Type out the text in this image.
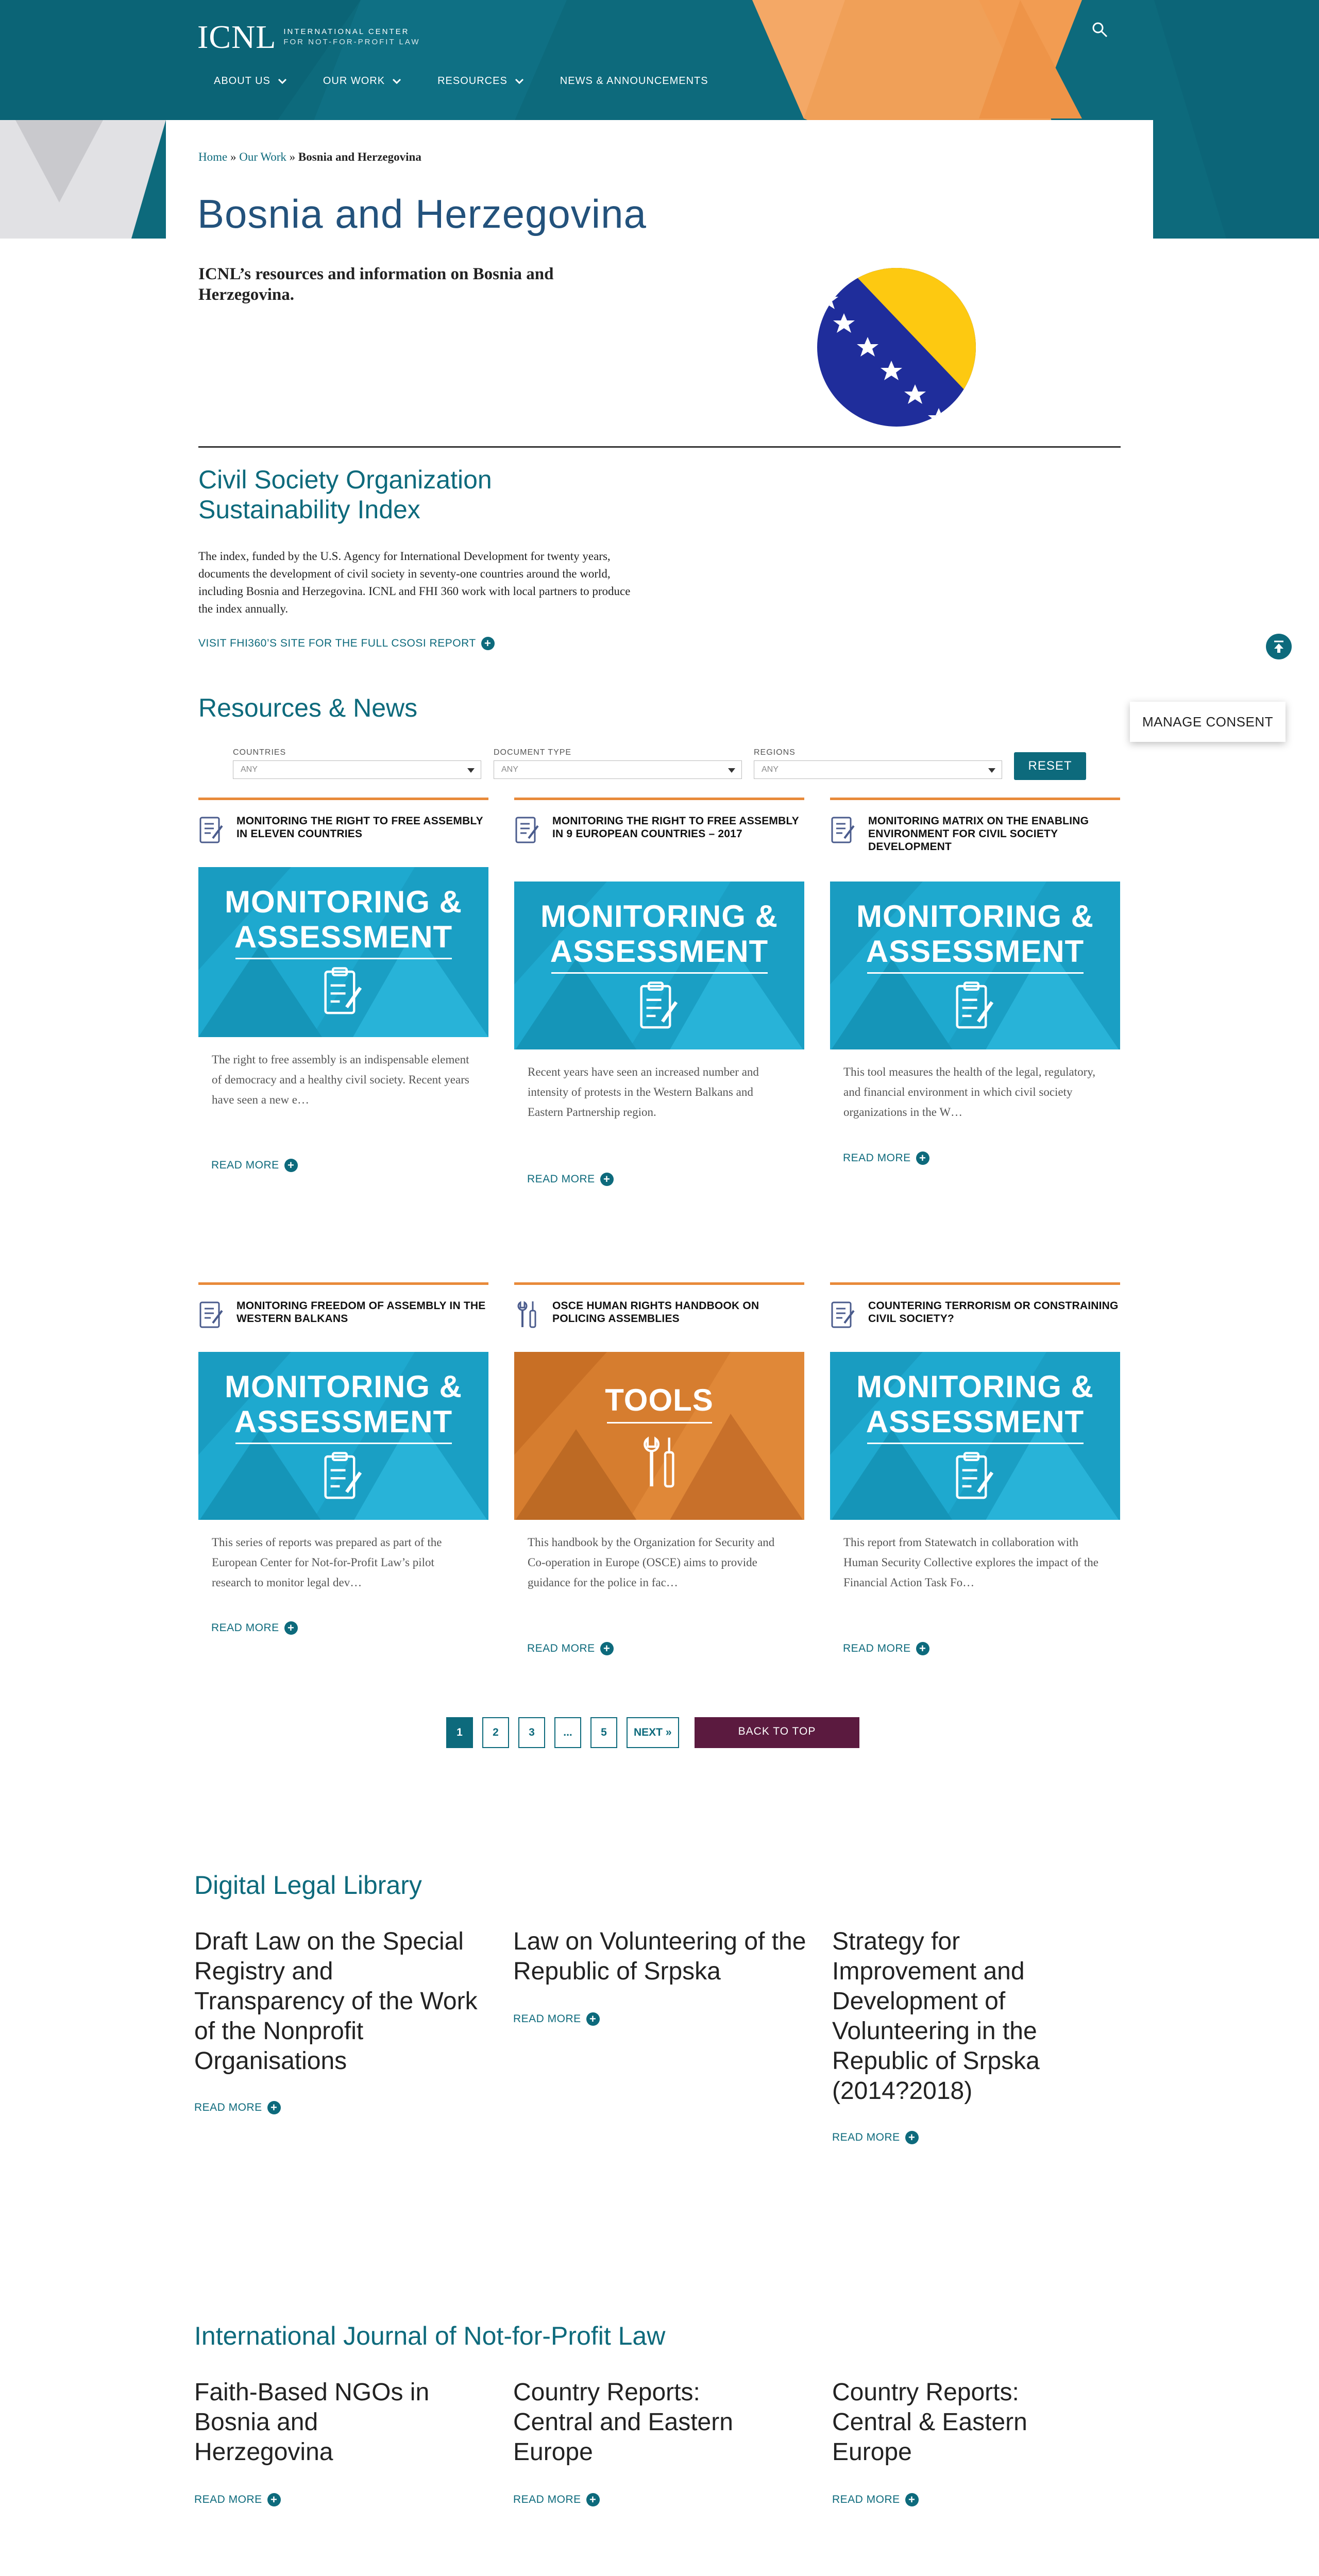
ICNL INTERNATIONAL CENTER
FOR NOT-FOR-PROFIT LAW
ABOUT US	OUR WORK	RESOURCES	NEWS & ANNOUNCEMENTS
Home » Our Work » Bosnia and Herzegovina
Bosnia and Herzegovina
ICNL’s resources and information on Bosnia and Herzegovina.
Civil Society Organization Sustainability Index
The index, funded by the U.S. Agency for International Development for twenty years, documents the development of civil society in seventy-one countries around the world, including Bosnia and Herzegovina. ICNL and FHI 360 work with local partners to produce the index annually.
VISIT FHI360’S SITE FOR THE FULL CSOSI REPORT +
MANAGE CONSENT
Resources & News
COUNTRIES
ANY
DOCUMENT TYPE
ANY
REGIONS
ANY	RESET
MONITORING THE RIGHT TO FREE ASSEMBLY IN ELEVEN COUNTRIES
MONITORING &
ASSESSMENT
The right to free assembly is an indispensable element of democracy and a healthy civil society. Recent years have seen a new e…
READ MORE +
MONITORING THE RIGHT TO FREE ASSEMBLY IN 9 EUROPEAN COUNTRIES – 2017
MONITORING &
ASSESSMENT
Recent years have seen an increased number and intensity of protests in the Western Balkans and Eastern Partnership region.
READ MORE +
MONITORING MATRIX ON THE ENABLING ENVIRONMENT FOR CIVIL SOCIETY DEVELOPMENT
MONITORING &
ASSESSMENT
This tool measures the health of the legal, regulatory, and financial environment in which civil society organizations in the W…
READ MORE +
MONITORING FREEDOM OF ASSEMBLY IN THE WESTERN BALKANS
MONITORING &
ASSESSMENT
This series of reports was prepared as part of the European Center for Not-for-Profit Law’s pilot research to monitor legal dev…
READ MORE +
OSCE HUMAN RIGHTS HANDBOOK ON POLICING ASSEMBLIES
TOOLS
This handbook by the Organization for Security and Co-operation in Europe (OSCE) aims to provide guidance for the police in fac…
READ MORE +
COUNTERING TERRORISM OR CONSTRAINING CIVIL SOCIETY?
MONITORING &
ASSESSMENT
This report from Statewatch in collaboration with Human Security Collective explores the impact of the Financial Action Task Fo…
READ MORE +
1	2	3	...	5	NEXT »	BACK TO TOP
Digital Legal Library
Draft Law on the Special Registry and Transparency of the Work of the Nonprofit Organisations
READ MORE +
Law on Volunteering of the Republic of Srpska
READ MORE +
Strategy for Improvement and Development of Volunteering in the Republic of Srpska (2014?2018)
READ MORE +
International Journal of Not-for-Profit Law
Faith-Based NGOs in Bosnia and Herzegovina
READ MORE +
Country Reports: Central and Eastern Europe
READ MORE +
Country Reports: Central & Eastern Europe
READ MORE +
